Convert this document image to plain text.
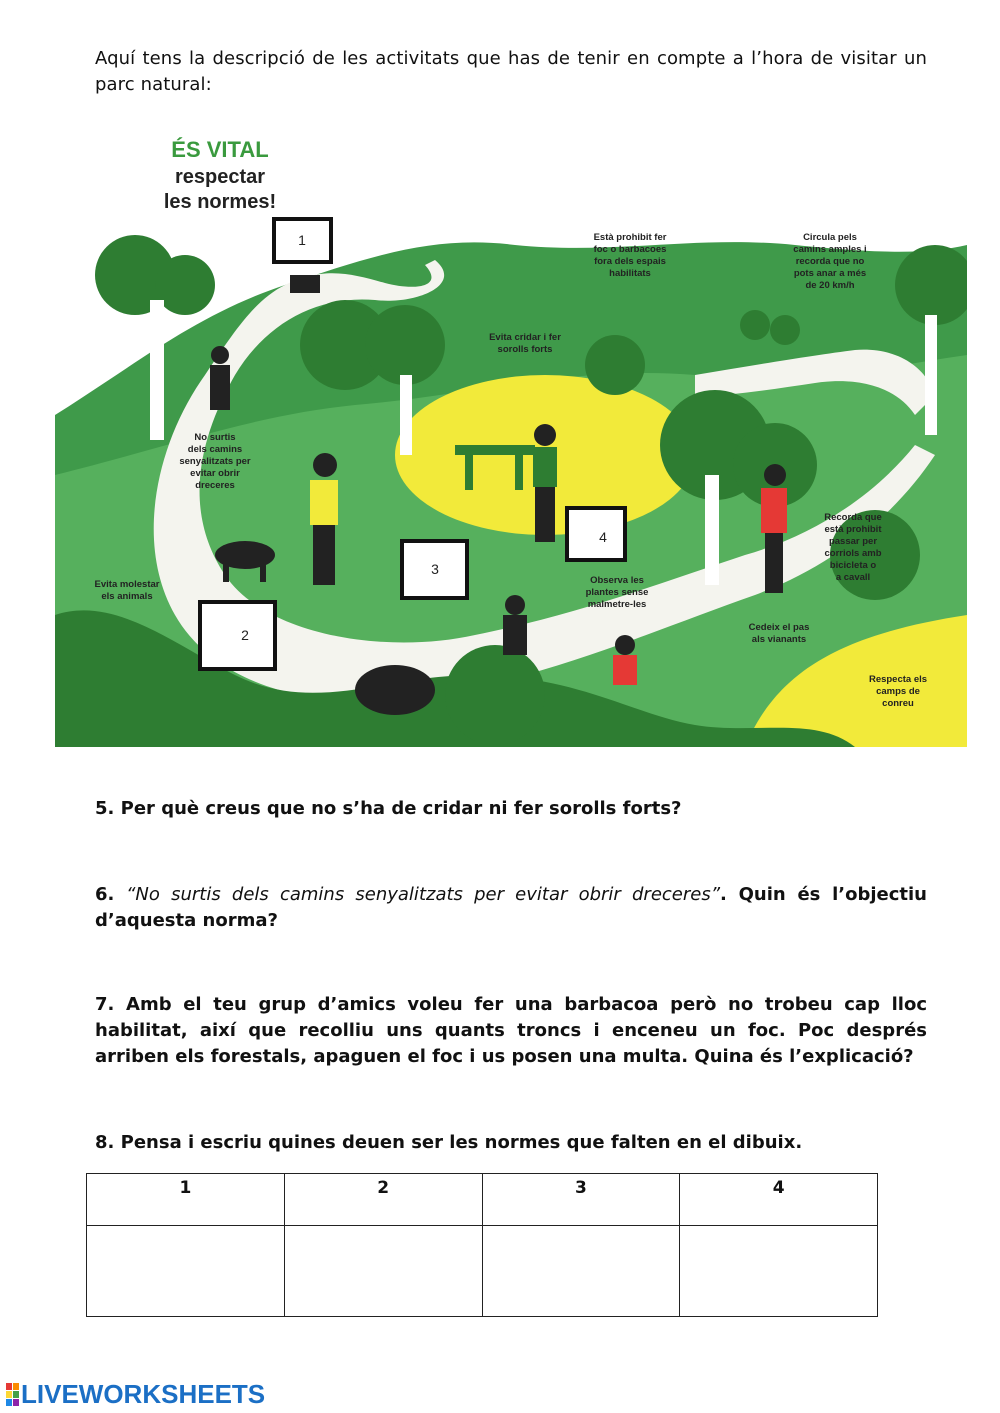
Aquí tens la descripció de les activitats que has de tenir en compte a l’hora de visitar un parc natural:
1
2
3
4
ÉS VITAL
respectar
les normes!
Està prohibit fer
foc o barbacoes
fora dels espais
habilitats
Circula pels
camins amples i
recorda que no
pots anar a més
de 20 km/h
Evita cridar i fer
sorolls forts
No surtis
dels camins
senyalitzats per
evitar obrir
dreceres
Recorda que
està prohibit
passar per
corriols amb
bicicleta o
a cavall
Evita molestar
els animals
Observa les
plantes sense
malmetre-les
Cedeix el pas
als vianants
Respecta els
camps de
conreu
5. Per què creus que no s’ha de cridar ni fer sorolls forts?
6. “No surtis dels camins senyalitzats per evitar obrir dreceres”. Quin és l’objectiu d’aquesta norma?
7. Amb el teu grup d’amics voleu fer una barbacoa però no trobeu cap lloc habilitat, així que recolliu uns quants troncs i enceneu un foc. Poc després arriben els forestals, apaguen el foc i us posen una multa. Quina és l’explicació?
8. Pensa i escriu quines deuen ser les normes que falten en el dibuix.
1	2	3	4

LIVEWORKSHEETS
